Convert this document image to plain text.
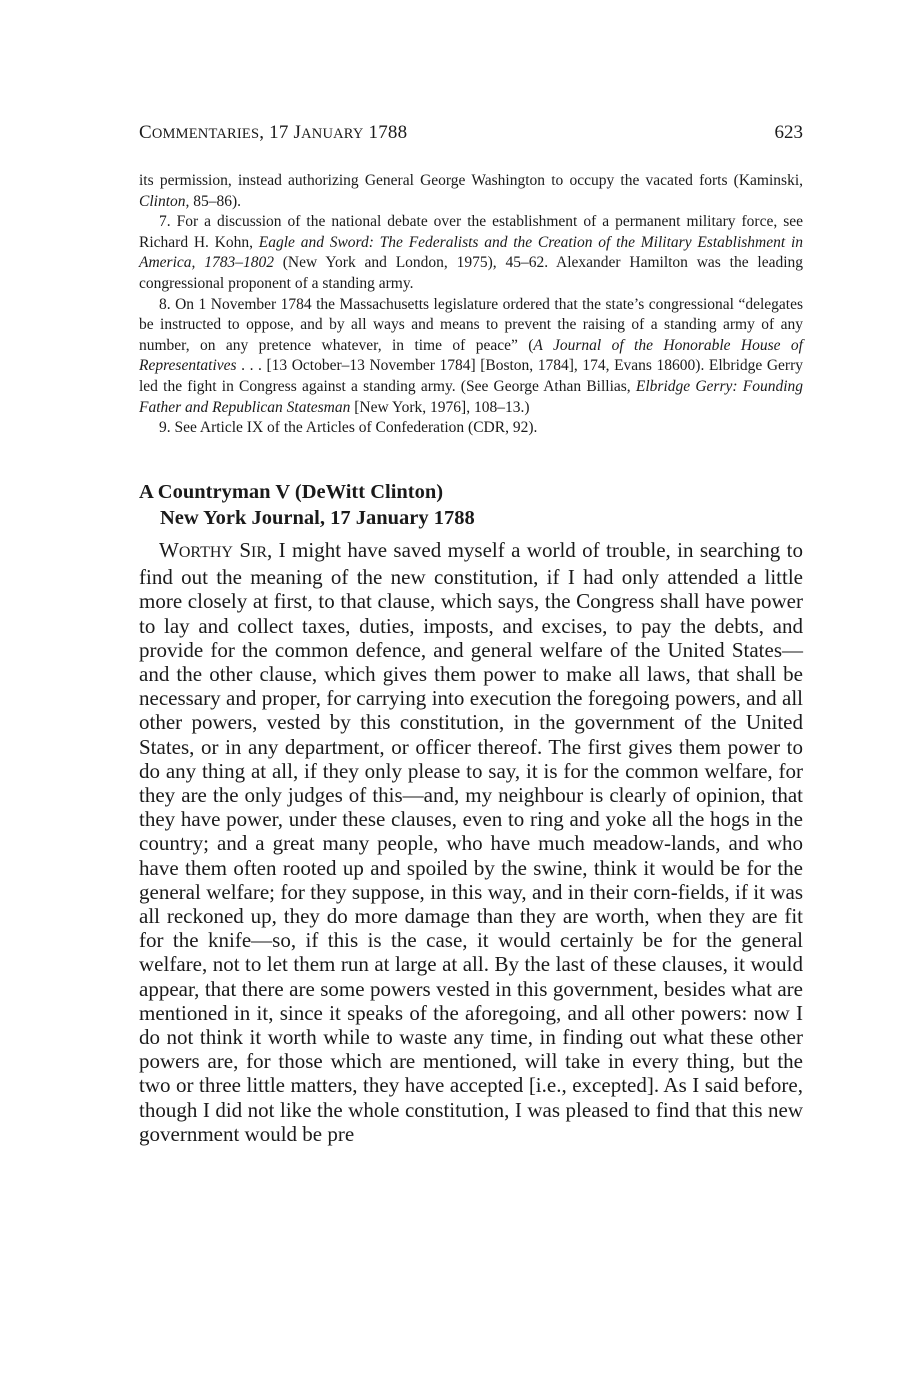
COMMENTARIES, 17 JANUARY 1788	623

its permission, instead authorizing General George Washington to occupy the vacated forts (Kaminski, Clinton, 85–86).

7. For a discussion of the national debate over the establishment of a permanent military force, see Richard H. Kohn, Eagle and Sword: The Federalists and the Creation of the Military Establishment in America, 1783–1802 (New York and London, 1975), 45–62. Alexander Hamilton was the leading congressional proponent of a standing army.

8. On 1 November 1784 the Massachusetts legislature ordered that the state’s congressional “delegates be instructed to oppose, and by all ways and means to prevent the raising of a standing army of any number, on any pretence whatever, in time of peace” (A Journal of the Honorable House of Representatives . . . [13 October–13 November 1784] [Boston, 1784], 174, Evans 18600). Elbridge Gerry led the fight in Congress against a standing army. (See George Athan Billias, Elbridge Gerry: Founding Father and Republican Statesman [New York, 1976], 108–13.)

9. See Article IX of the Articles of Confederation (CDR, 92).

A Countryman V (DeWitt Clinton)
New York Journal, 17 January 1788

WORTHY SIR, I might have saved myself a world of trouble, in searching to find out the meaning of the new constitution, if I had only attended a little more closely at first, to that clause, which says, the Congress shall have power to lay and collect taxes, duties, imposts, and excises, to pay the debts, and provide for the common defence, and general welfare of the United States—and the other clause, which gives them power to make all laws, that shall be necessary and proper, for carrying into execution the foregoing powers, and all other powers, vested by this constitution, in the government of the United States, or in any department, or officer thereof. The first gives them power to do any thing at all, if they only please to say, it is for the common welfare, for they are the only judges of this—and, my neighbour is clearly of opinion, that they have power, under these clauses, even to ring and yoke all the hogs in the country; and a great many people, who have much meadow-lands, and who have them often rooted up and spoiled by the swine, think it would be for the general welfare; for they suppose, in this way, and in their corn-fields, if it was all reckoned up, they do more damage than they are worth, when they are fit for the knife—so, if this is the case, it would certainly be for the general welfare, not to let them run at large at all. By the last of these clauses, it would appear, that there are some powers vested in this government, besides what are mentioned in it, since it speaks of the aforegoing, and all other powers: now I do not think it worth while to waste any time, in finding out what these other powers are, for those which are mentioned, will take in every thing, but the two or three little matters, they have accepted [i.e., excepted]. As I said before, though I did not like the whole constitution, I was pleased to find that this new government would be pre
